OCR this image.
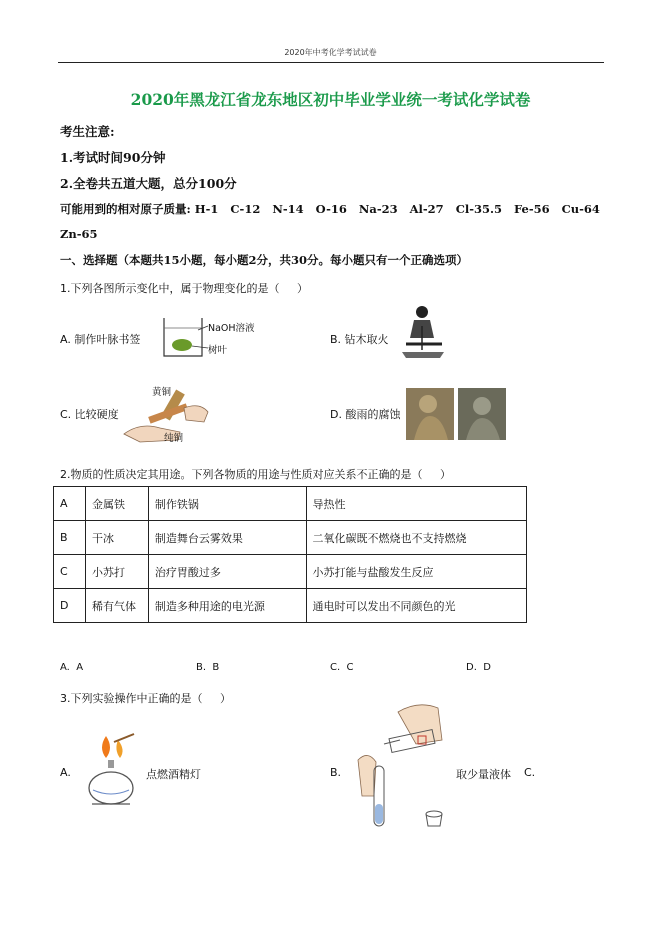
2020年中考化学考试试卷
2020年黑龙江省龙东地区初中毕业学业统一考试化学试卷
考生注意:
1.考试时间90分钟
2.全卷共五道大题，总分100分
可能用到的相对原子质量: H-1   C-12   N-14   O-16   Na-23   Al-27   Cl-35.5   Fe-56   Cu-64
Zn-65
一、选择题（本题共15小题，每小题2分，共30分。每小题只有一个正确选项）
1.下列各图所示变化中，属于物理变化的是（     ）
A. 制作叶脉书签
NaOH溶液
树叶
B. 钻木取火
C. 比较硬度
黄铜
纯铜
D. 酸雨的腐蚀
2.物质的性质决定其用途。下列各物质的用途与性质对应关系不正确的是（     ）
A	金属铁	制作铁锅	导热性
B	干冰	制造舞台云雾效果	二氧化碳既不燃烧也不支持燃烧
C	小苏打	治疗胃酸过多	小苏打能与盐酸发生反应
D	稀有气体	制造多种用途的电光源	通电时可以发出不同颜色的光
A.  A	B.  B	C.  C	D.  D
3.下列实验操作中正确的是（     ）
A.	点燃酒精灯	B.	取少量液体 C.
